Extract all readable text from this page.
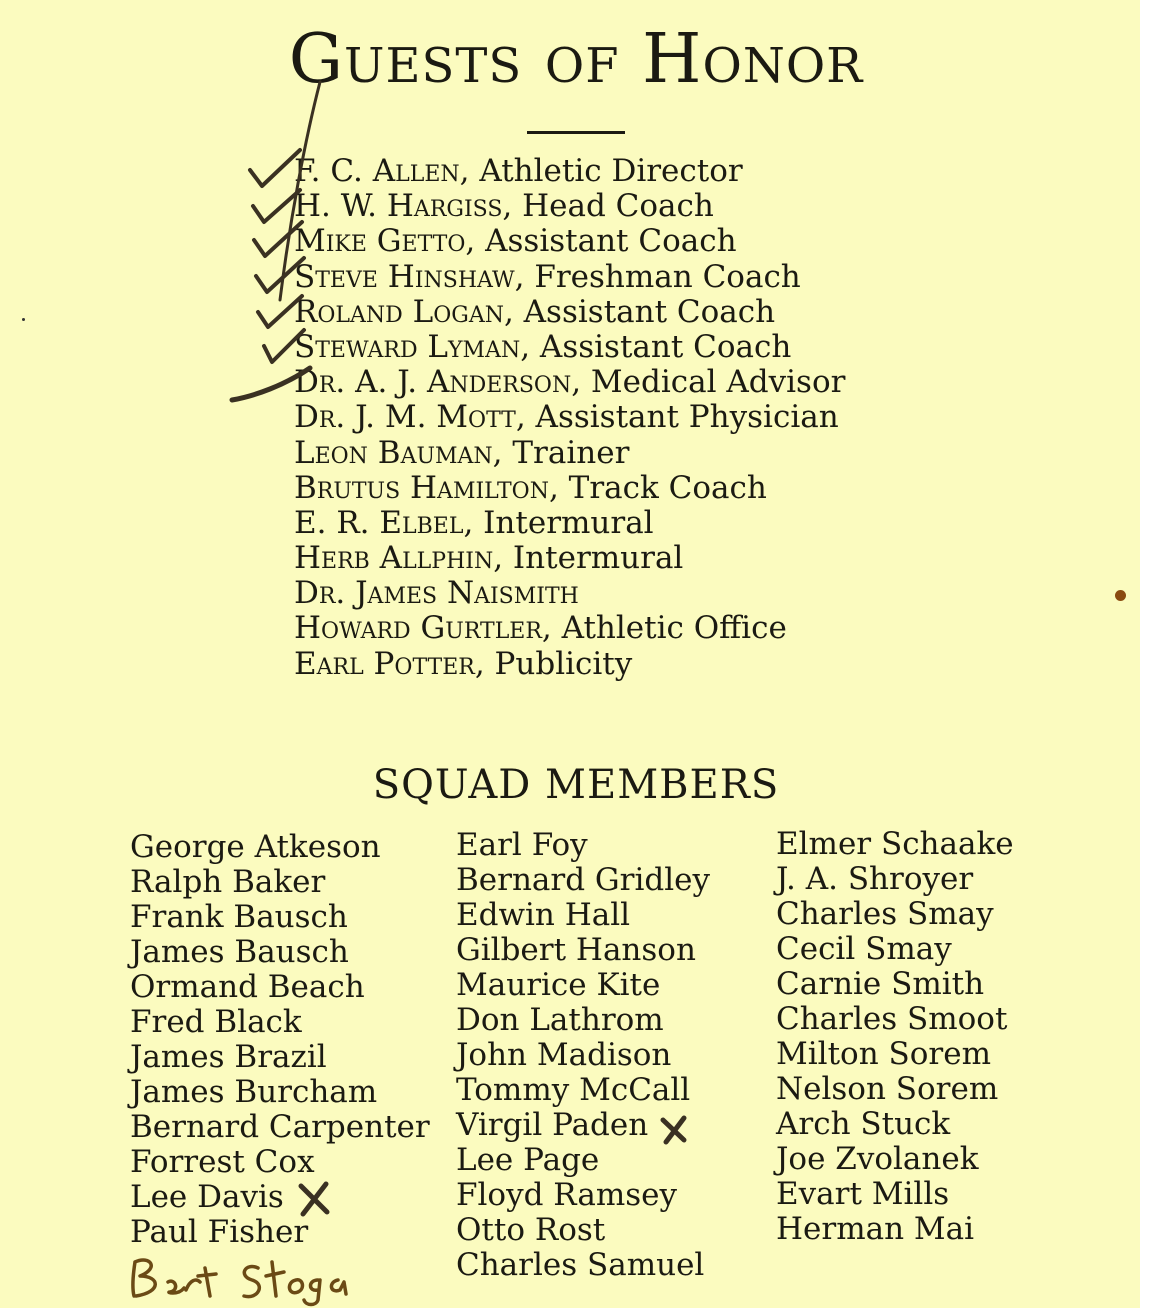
Guests of Honor
F. C. Allen, Athletic Director
H. W. Hargiss, Head Coach
Mike Getto, Assistant Coach
Steve Hinshaw, Freshman Coach
Roland Logan, Assistant Coach
Steward Lyman, Assistant Coach
Dr. A. J. Anderson, Medical Advisor
Dr. J. M. Mott, Assistant Physician
Leon Bauman, Trainer
Brutus Hamilton, Track Coach
E. R. Elbel, Intermural
Herb Allphin, Intermural
Dr. James Naismith
Howard Gurtler, Athletic Office
Earl Potter, Publicity
SQUAD MEMBERS
George Atkeson
Ralph Baker
Frank Bausch
James Bausch
Ormand Beach
Fred Black
James Brazil
James Burcham
Bernard Carpenter
Forrest Cox
Lee Davis
Paul Fisher
Earl Foy
Bernard Gridley
Edwin Hall
Gilbert Hanson
Maurice Kite
Don Lathrom
John Madison
Tommy McCall
Virgil Paden
Lee Page
Floyd Ramsey
Otto Rost
Charles Samuel
Elmer Schaake
J. A. Shroyer
Charles Smay
Cecil Smay
Carnie Smith
Charles Smoot
Milton Sorem
Nelson Sorem
Arch Stuck
Joe Zvolanek
Evart Mills
Herman Mai
